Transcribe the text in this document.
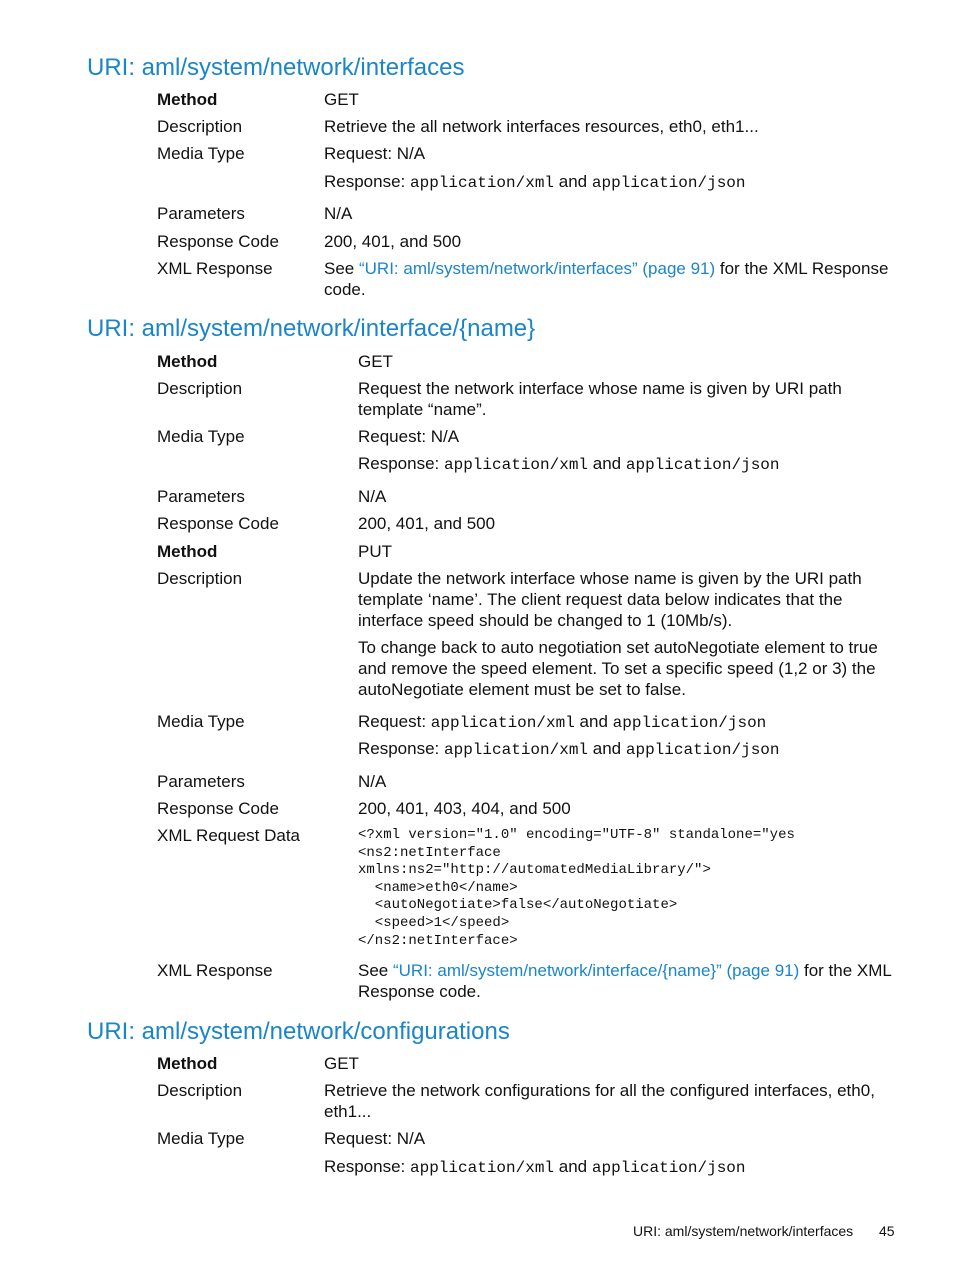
URI: aml/system/network/interfaces
Method	GET
Description	Retrieve the all network interfaces resources, eth0, eth1...
Media Type	Request: N/A
Response: application/xml and application/json
Parameters	N/A
Response Code	200, 401, and 500
XML Response	See “URI: aml/system/network/interfaces” (page 91) for the XML Response code.
URI: aml/system/network/interface/{name}
Method	GET
Description	Request the network interface whose name is given by URI path template “name”.
Media Type	Request: N/A
Response: application/xml and application/json
Parameters	N/A
Response Code	200, 401, and 500
Method	PUT
Description	Update the network interface whose name is given by the URI path template ‘name’. The client request data below indicates that the interface speed should be changed to 1 (10Mb/s).
To change back to auto negotiation set autoNegotiate element to true and remove the speed element. To set a specific speed (1,2 or 3) the autoNegotiate element must be set to false.
Media Type	Request: application/xml and application/json
Response: application/xml and application/json
Parameters	N/A
Response Code	200, 401, 403, 404, and 500
XML Request Data	<?xml version="1.0" encoding="UTF-8" standalone="yes
<ns2:netInterface
xmlns:ns2="http://automatedMediaLibrary/">
<name>eth0</name>
<autoNegotiate>false</autoNegotiate>
<speed>1</speed>
</ns2:netInterface>
XML Response	See “URI: aml/system/network/interface/{name}” (page 91) for the XML Response code.
URI: aml/system/network/configurations
Method	GET
Description	Retrieve the network configurations for all the configured interfaces, eth0, eth1...
Media Type	Request: N/A
Response: application/xml and application/json
URI: aml/system/network/interfaces 45
